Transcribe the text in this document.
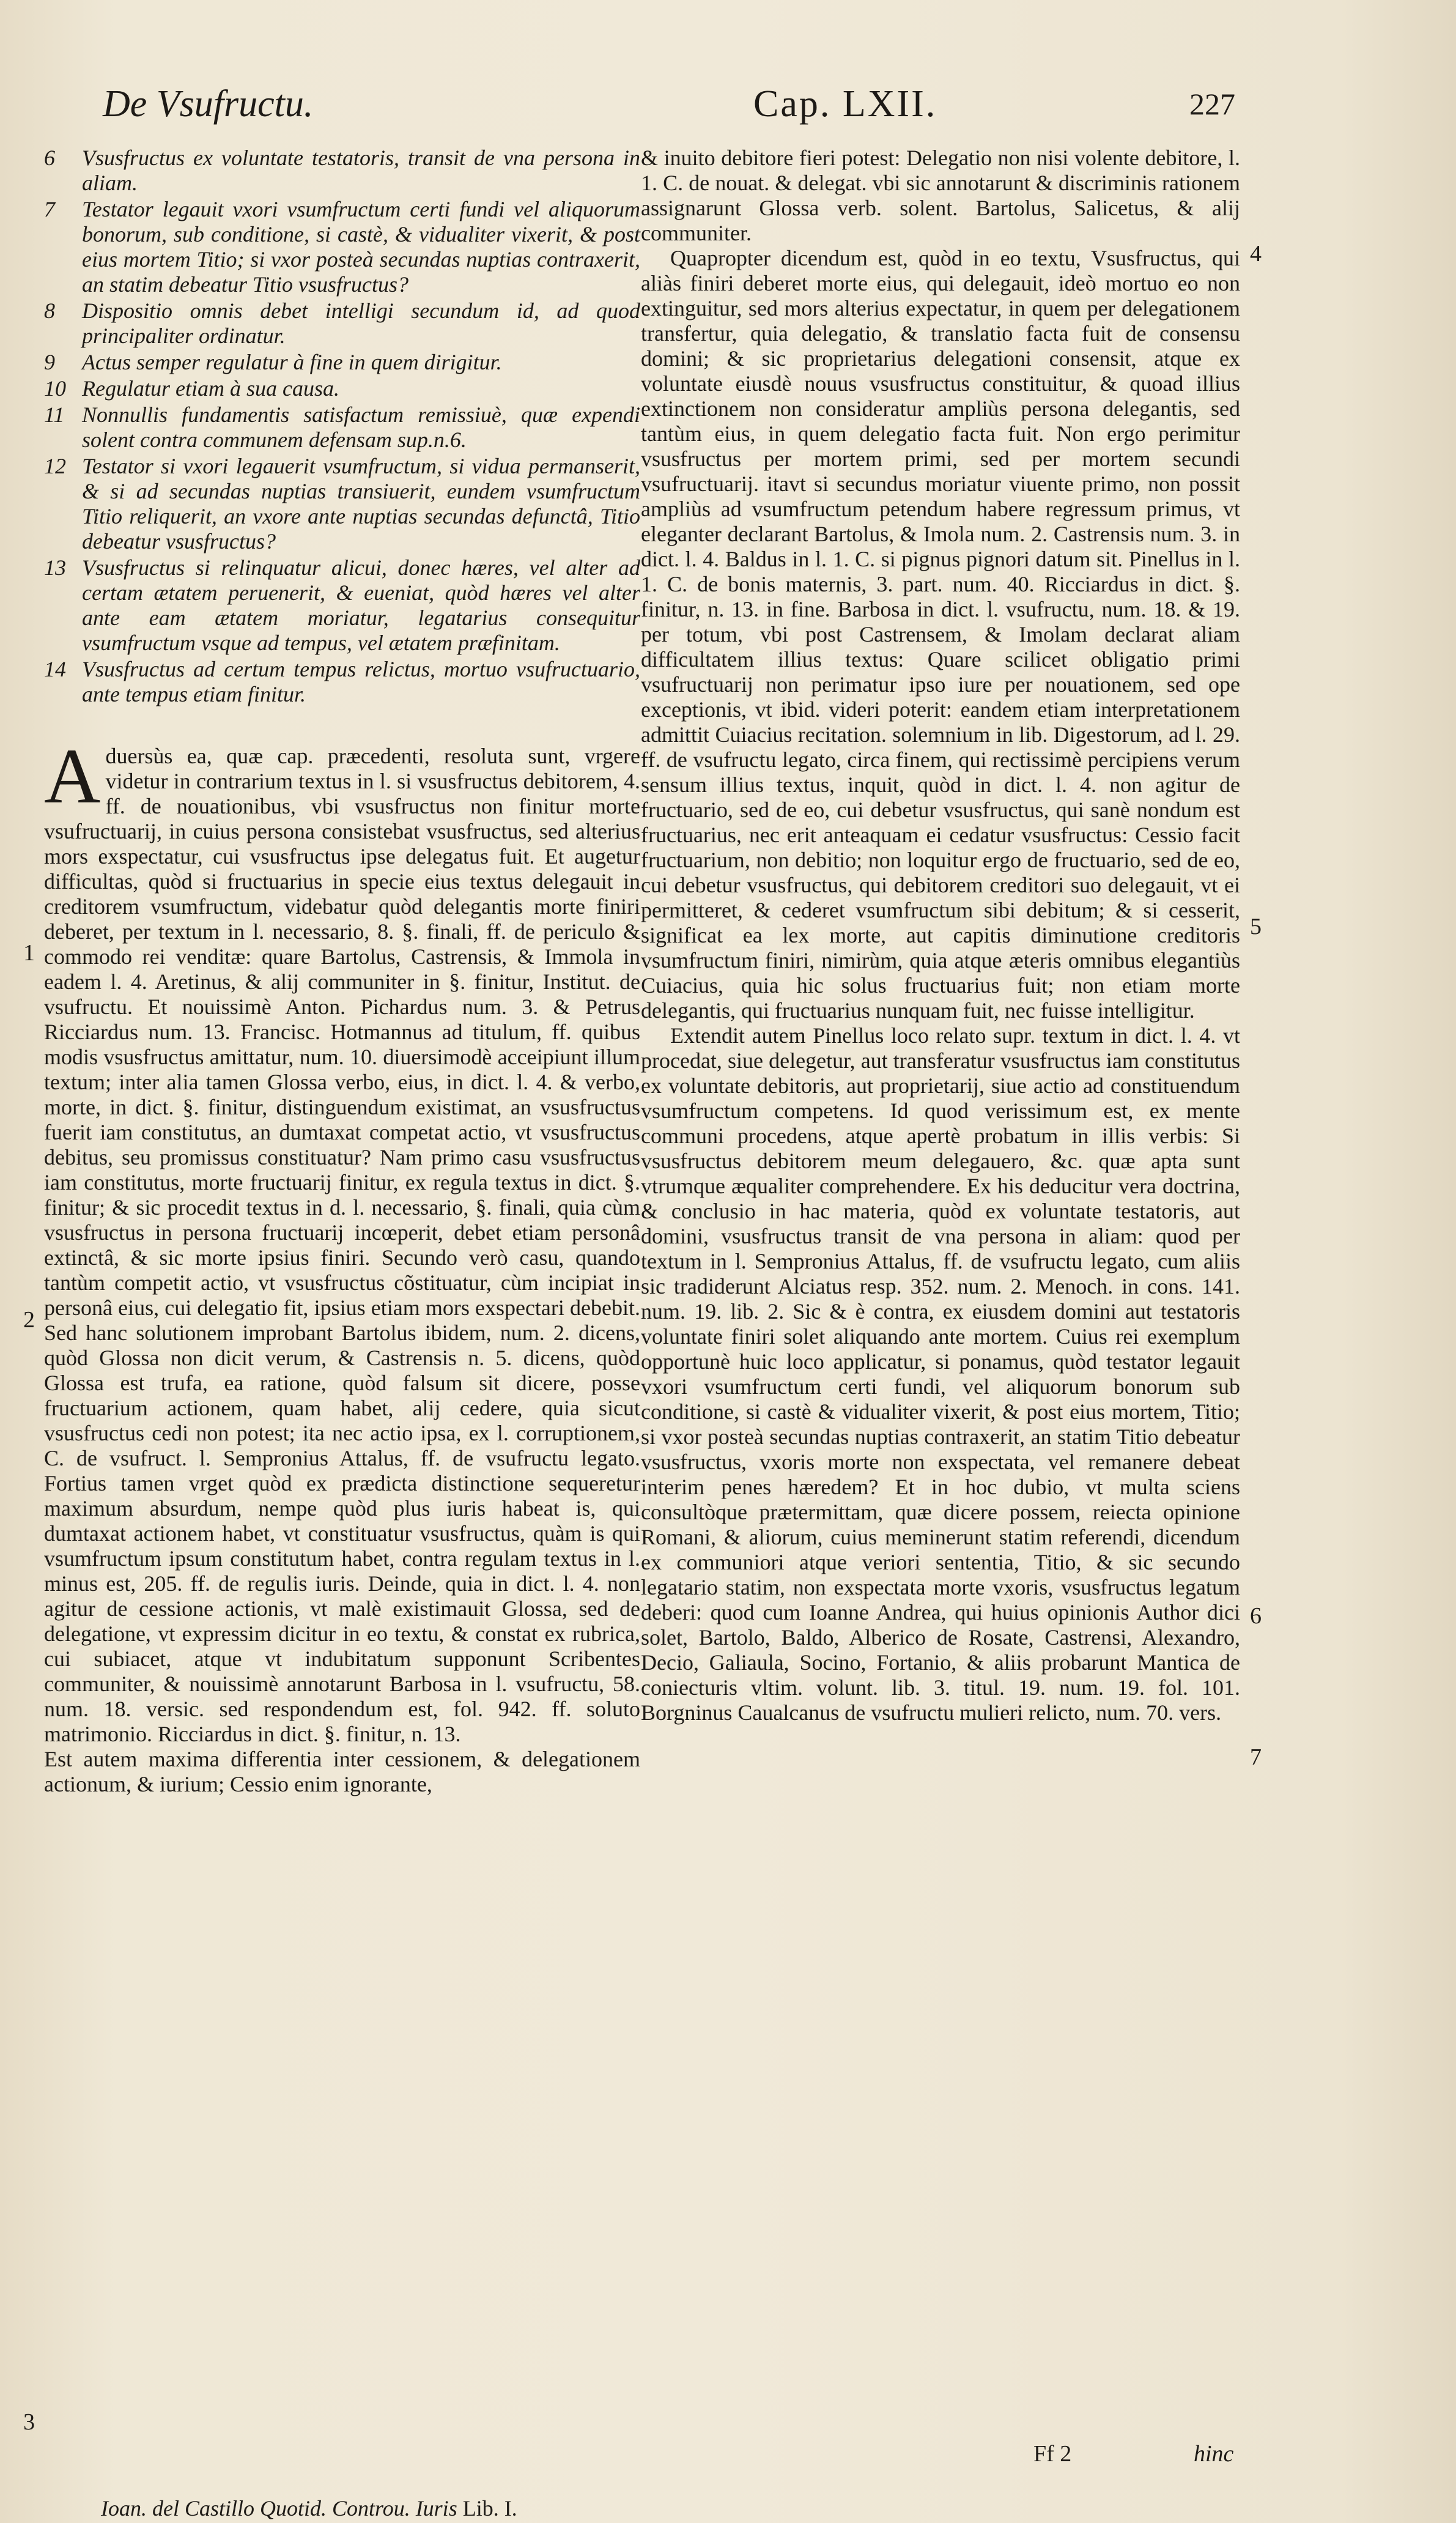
De Vsufructu.	Cap. LXII.	227
6	Vsusfructus ex voluntate testatoris, transit de vna persona in aliam.
7	Testator legauit vxori vsumfructum certi fundi vel aliquorum bonorum, sub conditione, si castè, & vidualiter vixerit, & post eius mortem Titio; si vxor posteà secundas nuptias contraxerit, an statim debeatur Titio vsusfructus?
8	Dispositio omnis debet intelligi secundum id, ad quod principaliter ordinatur.
9	Actus semper regulatur à fine in quem dirigitur.
10 Regulatur etiam à sua causa.
11 Nonnullis fundamentis satisfactum remissiuè, quæ expendi solent contra communem defensam sup.n.6.
12 Testator si vxori legauerit vsumfructum, si vidua permanserit, & si ad secundas nuptias transiuerit, eundem vsumfructum Titio reliquerit, an vxore ante nuptias secundas defunctâ, Titio debeatur vsusfructus?
13 Vsusfructus si relinquatur alicui, donec hæres, vel alter ad certam ætatem peruenerit, & eueniat, quòd hæres vel alter ante eam ætatem moriatur, legatarius consequitur vsumfructum vsque ad tempus, vel ætatem præfinitam.
14 Vsusfructus ad certum tempus relictus, mortuo vsufructuario, ante tempus etiam finitur.

Aduersùs ea, quæ cap. præcedenti, resoluta sunt, vrgere videtur in contrarium textus in l. si vsusfructus debitorem, 4. ff. de nouationibus, vbi vsusfructus non finitur morte vsufructuarij, in cuius persona consistebat vsusfructus, sed alterius mors exspectatur, cui vsusfructus ipse delegatus fuit. Et augetur difficultas, quòd si fructuarius in specie eius textus delegauit in creditorem vsumfructum, videbatur quòd delegantis morte finiri deberet, per textum in l. necessario, 8. §. finali, ff. de periculo & commodo rei venditæ: quare Bartolus, Castrensis, & Immola in eadem l. 4. Aretinus, & alij communiter in §. finitur, Institut. de vsufructu. Et nouissimè Anton. Pichardus num. 3. & Petrus Ricciardus num. 13. Francisc. Hotmannus ad titulum, ff. quibus modis vsusfructus amittatur, num. 10. diuersimodè acceipiunt illum textum; inter alia tamen Glossa verbo, eius, in dict. l. 4. & verbo, morte, in dict. §. finitur, distinguendum existimat, an vsusfructus fuerit iam constitutus, an dumtaxat competat actio, vt vsusfructus debitus, seu promissus constituatur? Nam primo casu vsusfructus iam constitutus, morte fructuarij finitur, ex regula textus in dict. §. finitur; & sic procedit textus in d. l. necessario, §. finali, quia cùm vsusfructus in persona fructuarij incœperit, debet etiam personâ extinctâ, & sic morte ipsius finiri. Secundo verò casu, quando tantùm competit actio, vt vsusfructus cõstituatur, cùm incipiat in personâ eius, cui delegatio fit, ipsius etiam mors exspectari debebit. Sed hanc solutionem improbant Bartolus ibidem, num. 2. dicens, quòd Glossa non dicit verum, & Castrensis n. 5. dicens, quòd Glossa est trufa, ea ratione, quòd falsum sit dicere, posse fructuarium actionem, quam habet, alij cedere, quia sicut vsusfructus cedi non potest; ita nec actio ipsa, ex l. corruptionem, C. de vsufruct. l. Sempronius Attalus, ff. de vsufructu legato. Fortius tamen vrget quòd ex prædicta distinctione sequeretur maximum absurdum, nempe quòd plus iuris habeat is, qui dumtaxat actionem habet, vt constituatur vsusfructus, quàm is qui vsumfructum ipsum constitutum habet, contra regulam textus in l. minus est, 205. ff. de regulis iuris. Deinde, quia in dict. l. 4. non agitur de cessione actionis, vt malè existimauit Glossa, sed de delegatione, vt expressim dicitur in eo textu, & constat ex rubrica, cui subiacet, atque vt indubitatum supponunt Scribentes communiter, & nouissimè annotarunt Barbosa in l. vsufructu, 58. num. 18. versic. sed respondendum est, fol. 942. ff. soluto matrimonio. Ricciardus in dict. §. finitur, n. 13.

Est autem maxima differentia inter cessionem, & delegationem actionum, & iurium; Cessio enim ignorante,

& inuito debitore fieri potest: Delegatio non nisi volente debitore, l. 1. C. de nouat. & delegat. vbi sic annotarunt & discriminis rationem assignarunt Glossa verb. solent. Bartolus, Salicetus, & alij communiter.

Quapropter dicendum est, quòd in eo textu, Vsusfructus, qui aliàs finiri deberet morte eius, qui delegauit, ideò mortuo eo non extinguitur, sed mors alterius expectatur, in quem per delegationem transfertur, quia delegatio, & translatio facta fuit de consensu domini; & sic proprietarius delegationi consensit, atque ex voluntate eiusdè nouus vsusfructus constituitur, & quoad illius extinctionem non consideratur ampliùs persona delegantis, sed tantùm eius, in quem delegatio facta fuit. Non ergo perimitur vsusfructus per mortem primi, sed per mortem secundi vsufructuarij. itavt si secundus moriatur viuente primo, non possit ampliùs ad vsumfructum petendum habere regressum primus, vt eleganter declarant Bartolus, & Imola num. 2. Castrensis num. 3. in dict. l. 4. Baldus in l. 1. C. si pignus pignori datum sit. Pinellus in l. 1. C. de bonis maternis, 3. part. num. 40. Ricciardus in dict. §. finitur, n. 13. in fine. Barbosa in dict. l. vsufructu, num. 18. & 19. per totum, vbi post Castrensem, & Imolam declarat aliam difficultatem illius textus: Quare scilicet obligatio primi vsufructuarij non perimatur ipso iure per nouationem, sed ope exceptionis, vt ibid. videri poterit: eandem etiam interpretationem admittit Cuiacius recitation. solemnium in lib. Digestorum, ad l. 29. ff. de vsufructu legato, circa finem, qui rectissimè percipiens verum sensum illius textus, inquit, quòd in dict. l. 4. non agitur de fructuario, sed de eo, cui debetur vsusfructus, qui sanè nondum est fructuarius, nec erit anteaquam ei cedatur vsusfructus: Cessio facit fructuarium, non debitio; non loquitur ergo de fructuario, sed de eo, cui debetur vsusfructus, qui debitorem creditori suo delegauit, vt ei permitteret, & cederet vsumfructum sibi debitum; & si cesserit, significat ea lex morte, aut capitis diminutione creditoris vsumfructum finiri, nimirùm, quia atque æteris omnibus elegantiùs Cuiacius, quia hic solus fructuarius fuit; non etiam morte delegantis, qui fructuarius nunquam fuit, nec fuisse intelligitur.

Extendit autem Pinellus loco relato supr. textum in dict. l. 4. vt procedat, siue delegetur, aut transferatur vsusfructus iam constitutus ex voluntate debitoris, aut proprietarij, siue actio ad constituendum vsumfructum competens. Id quod verissimum est, ex mente communi procedens, atque apertè probatum in illis verbis: Si vsusfructus debitorem meum delegauero, &c. quæ apta sunt vtrumque æqualiter comprehendere. Ex his deducitur vera doctrina, & conclusio in hac materia, quòd ex voluntate testatoris, aut domini, vsusfructus transit de vna persona in aliam: quod per textum in l. Sempronius Attalus, ff. de vsufructu legato, cum aliis sic tradiderunt Alciatus resp. 352. num. 2. Menoch. in cons. 141. num. 19. lib. 2. Sic & è contra, ex eiusdem domini aut testatoris voluntate finiri solet aliquando ante mortem. Cuius rei exemplum opportunè huic loco applicatur, si ponamus, quòd testator legauit vxori vsumfructum certi fundi, vel aliquorum bonorum sub conditione, si castè & vidualiter vixerit, & post eius mortem, Titio; si vxor posteà secundas nuptias contraxerit, an statim Titio debeatur vsusfructus, vxoris morte non exspectata, vel remanere debeat interim penes hæredem? Et in hoc dubio, vt multa sciens consultòque prætermittam, quæ dicere possem, reiecta opinione Romani, & aliorum, cuius meminerunt statim referendi, dicendum ex communiori atque veriori sententia, Titio, & sic secundo legatario statim, non exspectata morte vxoris, vsusfructus legatum deberi: quod cum Ioanne Andrea, qui huius opinionis Author dici solet, Bartolo, Baldo, Alberico de Rosate, Castrensi, Alexandro, Decio, Galiaula, Socino, Fortanio, & aliis probarunt Mantica de coniecturis vltim. volunt. lib. 3. titul. 19. num. 19. fol. 101. Borgninus Caualcanus de vsufructu mulieri relicto, num. 70. vers.

1
2
3
4
5
6
7
Ff 2	hinc
Ioan. del Castillo Quotid. Controu. Iuris Lib. I.
